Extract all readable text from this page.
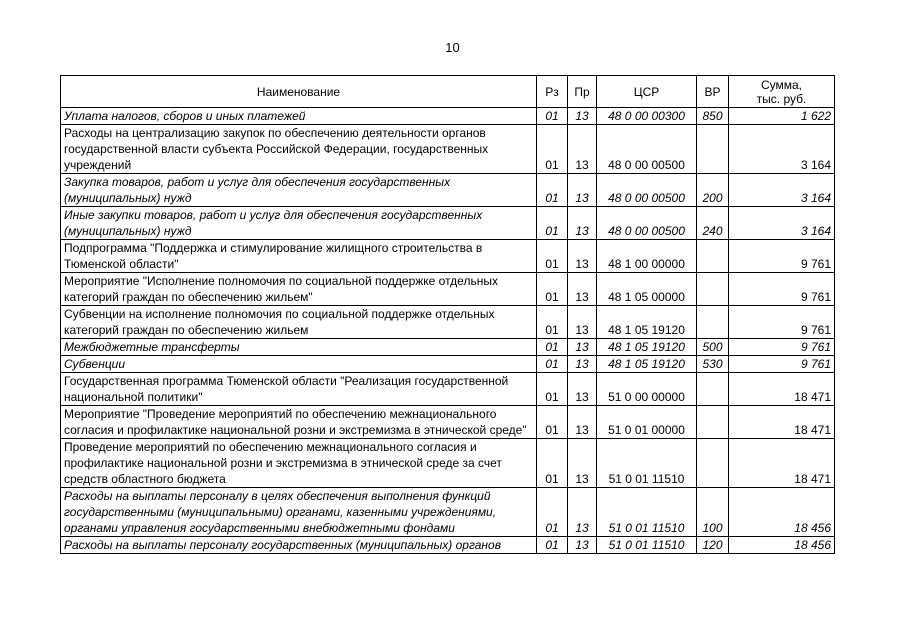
10
Наименование	Рз	Пр	ЦСР	ВР	Сумма,
тыс. руб.
Уплата налогов, сборов и иных платежей	01	13	48 0 00 00300	850	1 622
Расходы на централизацию закупок по обеспечению деятельности органов государственной власти субъекта Российской Федерации, государственных учреждений	01	13	48 0 00 00500		3 164
Закупка товаров, работ и услуг для обеспечения государственных (муниципальных) нужд	01	13	48 0 00 00500	200	3 164
Иные закупки товаров, работ и услуг для обеспечения государственных (муниципальных) нужд	01	13	48 0 00 00500	240	3 164
Подпрограмма "Поддержка и стимулирование жилищного строительства в Тюменской области"	01	13	48 1 00 00000		9 761
Мероприятие "Исполнение полномочия по социальной поддержке отдельных категорий граждан по обеспечению жильем"	01	13	48 1 05 00000		9 761
Субвенции на исполнение полномочия по социальной поддержке отдельных категорий граждан по обеспечению жильем	01	13	48 1 05 19120		9 761
Межбюджетные трансферты	01	13	48 1 05 19120	500	9 761
Субвенции	01	13	48 1 05 19120	530	9 761
Государственная программа Тюменской области "Реализация государственной национальной политики"	01	13	51 0 00 00000		18 471
Мероприятие "Проведение мероприятий по обеспечению межнационального согласия и профилактике национальной розни и экстремизма в этнической среде"	01	13	51 0 01 00000		18 471
Проведение мероприятий по обеспечению межнационального согласия и профилактике национальной розни и экстремизма в этнической среде за счет средств областного бюджета	01	13	51 0 01 11510		18 471
Расходы на выплаты персоналу в целях обеспечения выполнения функций государственными (муниципальными) органами, казенными учреждениями, органами управления государственными внебюджетными фондами	01	13	51 0 01 11510	100	18 456
Расходы на выплаты персоналу государственных (муниципальных) органов	01	13	51 0 01 11510	120	18 456
